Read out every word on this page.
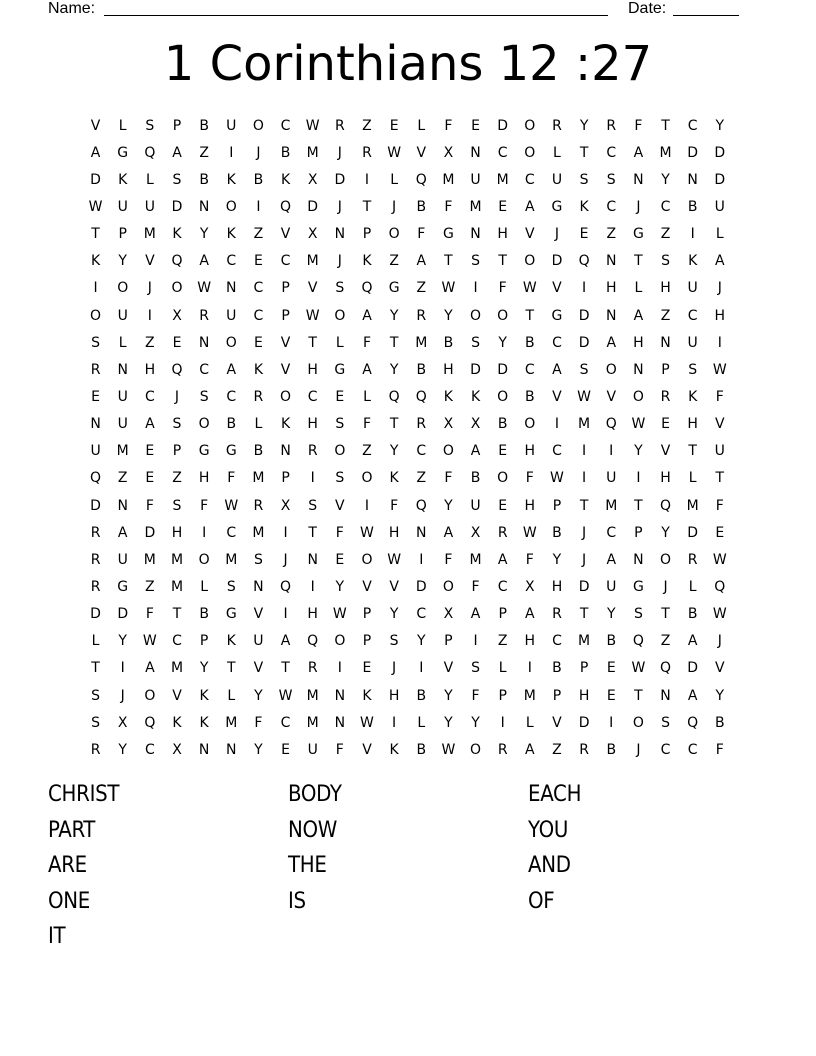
Name:	Date:
1 Corinthians 12 :27
V	L	S	P	B	U	O	C	W	R	Z	E	L	F	E	D	O	R	Y	R	F	T	C	Y
A	G	Q	A	Z	I	J	B	M	J	R	W	V	X	N	C	O	L	T	C	A	M	D	D
D	K	L	S	B	K	B	K	X	D	I	L	Q	M	U	M	C	U	S	S	N	Y	N	D
W	U	U	D	N	O	I	Q	D	J	T	J	B	F	M	E	A	G	K	C	J	C	B	U
T	P	M	K	Y	K	Z	V	X	N	P	O	F	G	N	H	V	J	E	Z	G	Z	I	L
K	Y	V	Q	A	C	E	C	M	J	K	Z	A	T	S	T	O	D	Q	N	T	S	K	A
I	O	J	O	W	N	C	P	V	S	Q	G	Z	W	I	F	W	V	I	H	L	H	U	J
O	U	I	X	R	U	C	P	W	O	A	Y	R	Y	O	O	T	G	D	N	A	Z	C	H
S	L	Z	E	N	O	E	V	T	L	F	T	M	B	S	Y	B	C	D	A	H	N	U	I
R	N	H	Q	C	A	K	V	H	G	A	Y	B	H	D	D	C	A	S	O	N	P	S	W
E	U	C	J	S	C	R	O	C	E	L	Q	Q	K	K	O	B	V	W	V	O	R	K	F
N	U	A	S	O	B	L	K	H	S	F	T	R	X	X	B	O	I	M	Q	W	E	H	V
U	M	E	P	G	G	B	N	R	O	Z	Y	C	O	A	E	H	C	I	I	Y	V	T	U
Q	Z	E	Z	H	F	M	P	I	S	O	K	Z	F	B	O	F	W	I	U	I	H	L	T
D	N	F	S	F	W	R	X	S	V	I	F	Q	Y	U	E	H	P	T	M	T	Q	M	F
R	A	D	H	I	C	M	I	T	F	W	H	N	A	X	R	W	B	J	C	P	Y	D	E
R	U	M	M	O	M	S	J	N	E	O	W	I	F	M	A	F	Y	J	A	N	O	R	W
R	G	Z	M	L	S	N	Q	I	Y	V	V	D	O	F	C	X	H	D	U	G	J	L	Q
D	D	F	T	B	G	V	I	H	W	P	Y	C	X	A	P	A	R	T	Y	S	T	B	W
L	Y	W	C	P	K	U	A	Q	O	P	S	Y	P	I	Z	H	C	M	B	Q	Z	A	J
T	I	A	M	Y	T	V	T	R	I	E	J	I	V	S	L	I	B	P	E	W	Q	D	V
S	J	O	V	K	L	Y	W	M	N	K	H	B	Y	F	P	M	P	H	E	T	N	A	Y
S	X	Q	K	K	M	F	C	M	N	W	I	L	Y	Y	I	L	V	D	I	O	S	Q	B
R	Y	C	X	N	N	Y	E	U	F	V	K	B	W	O	R	A	Z	R	B	J	C	C	F
CHRIST	BODY	EACH
PART	NOW	YOU
ARE	THE	AND
ONE	IS	OF
IT
